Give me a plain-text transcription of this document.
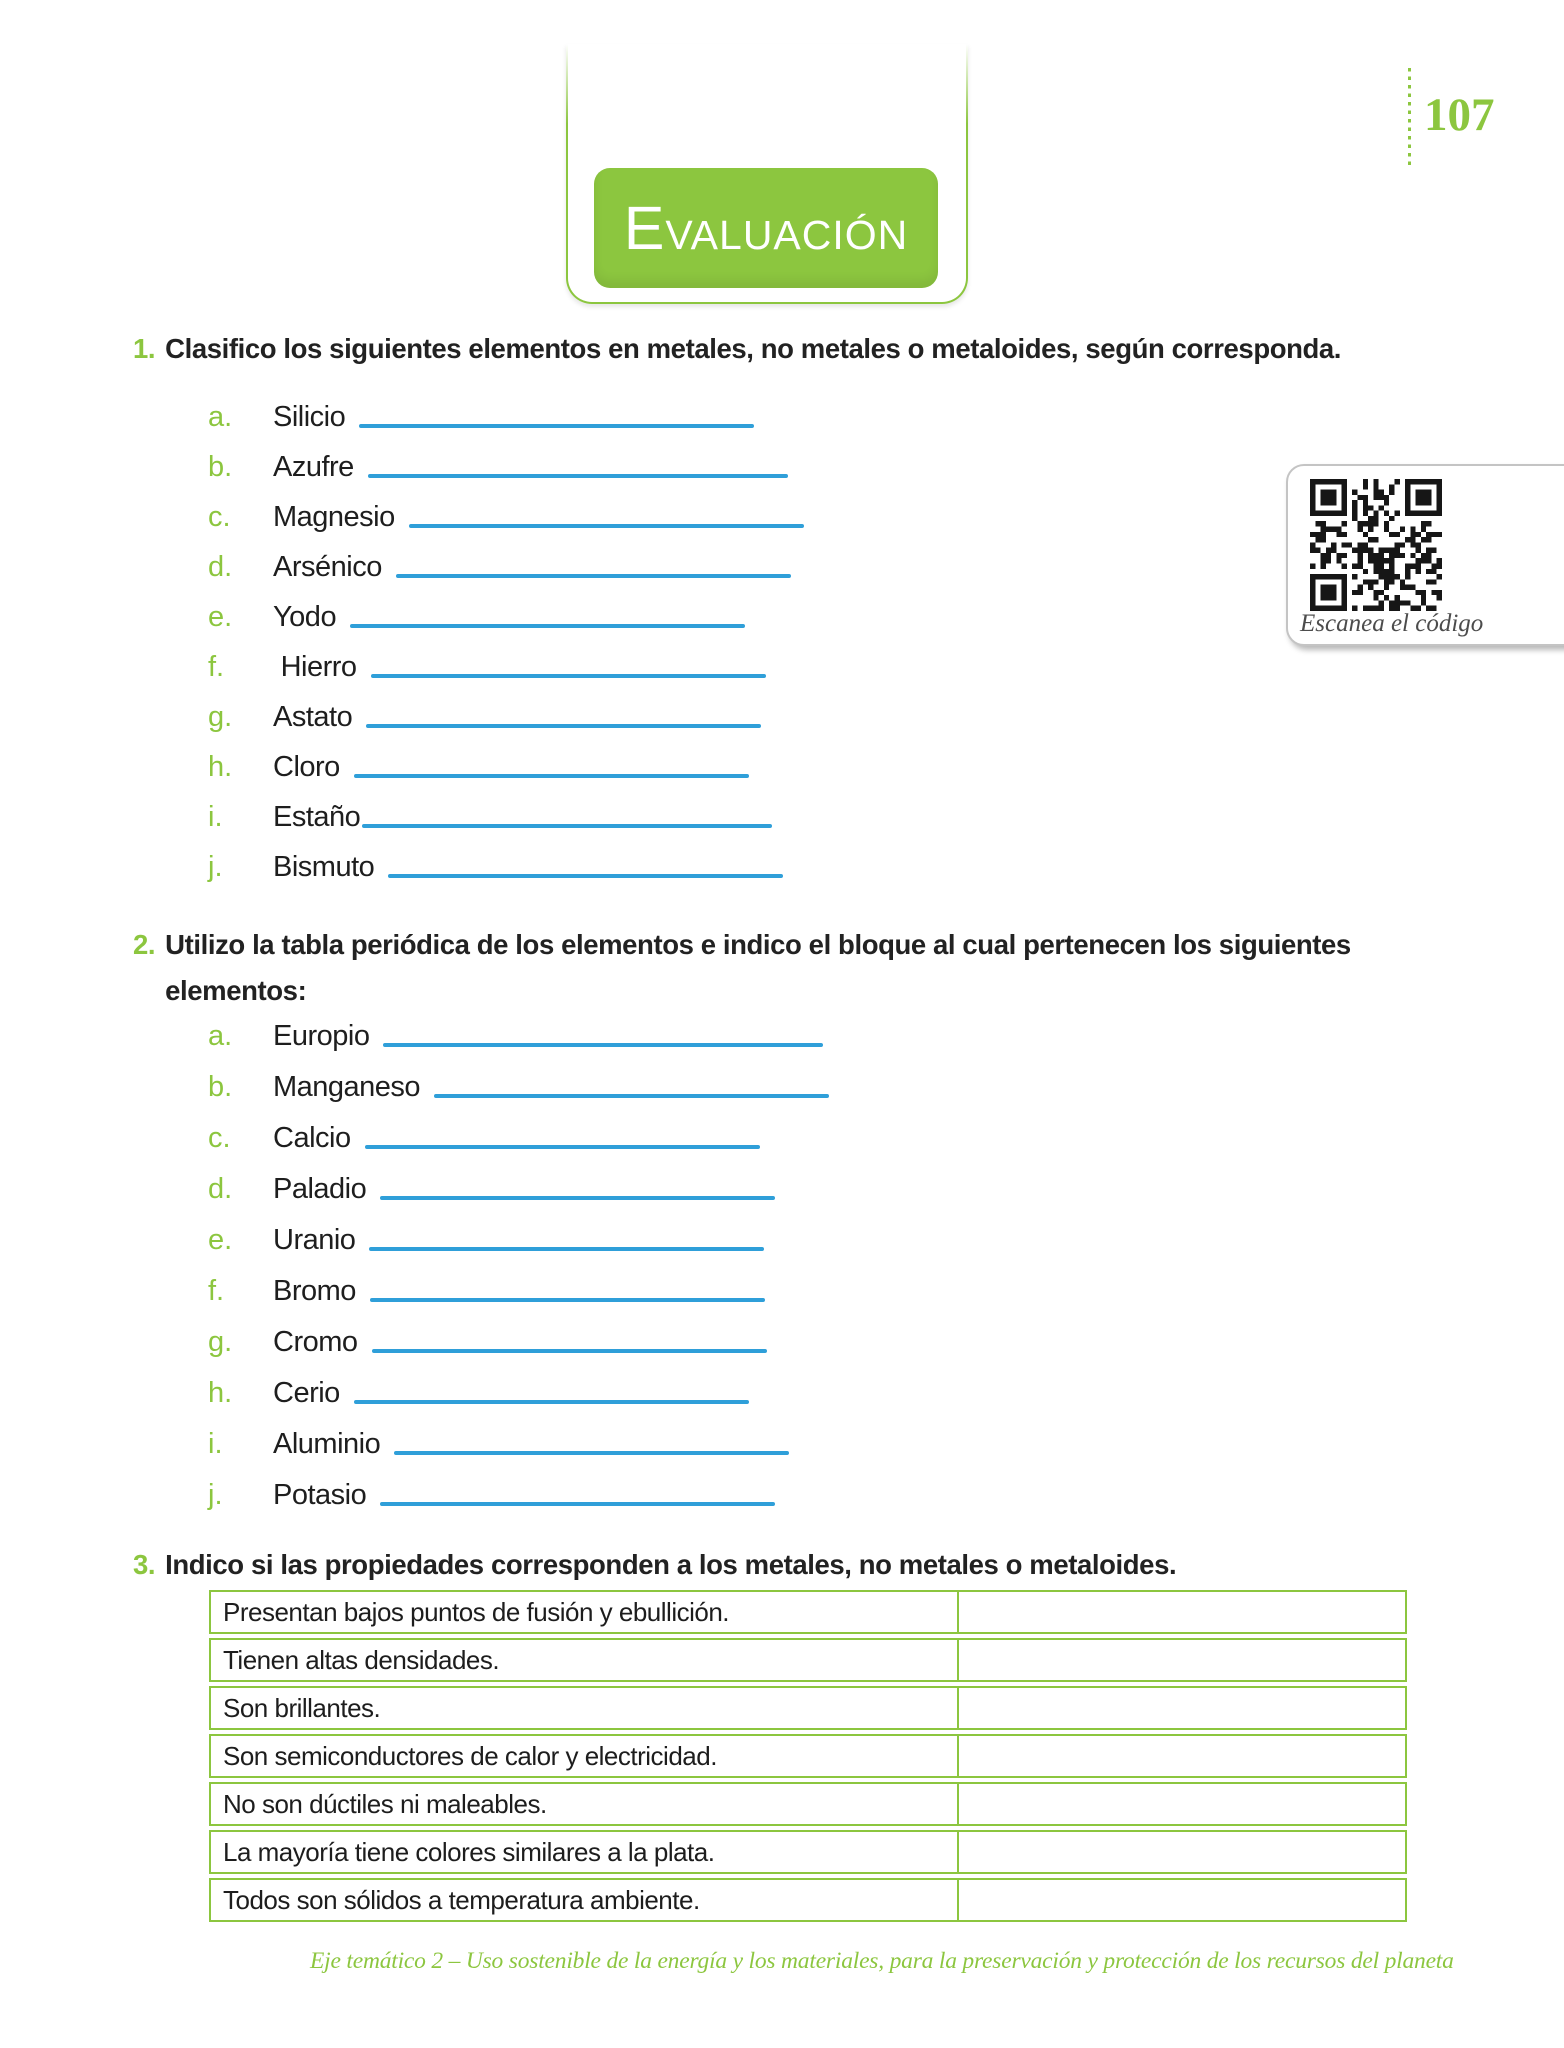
EVALUACIÓN
107
1. Clasifico los siguientes elementos en metales, no metales o metaloides, según corresponda.
a.	Silicio
b.	Azufre
c.	Magnesio
d.	Arsénico
e.	Yodo
f.	Hierro
g.	Astato
h.	Cloro
i.	Estaño
j.	Bismuto
Escanea el código
2. Utilizo la tabla periódica de los elementos e indico el bloque al cual pertenecen los siguientes elementos:
a.	Europio
b.	Manganeso
c.	Calcio
d.	Paladio
e.	Uranio
f.	Bromo
g.	Cromo
h.	Cerio
i.	Aluminio
j.	Potasio
3. Indico si las propiedades corresponden a los metales, no metales o metaloides.
Presentan bajos puntos de fusión y ebullición.
Tienen altas densidades.
Son brillantes.
Son semiconductores de calor y electricidad.
No son dúctiles ni maleables.
La mayoría tiene colores similares a la plata.
Todos son sólidos a temperatura ambiente.
Eje temático 2 – Uso sostenible de la energía y los materiales, para la preservación y protección de los recursos del planeta
